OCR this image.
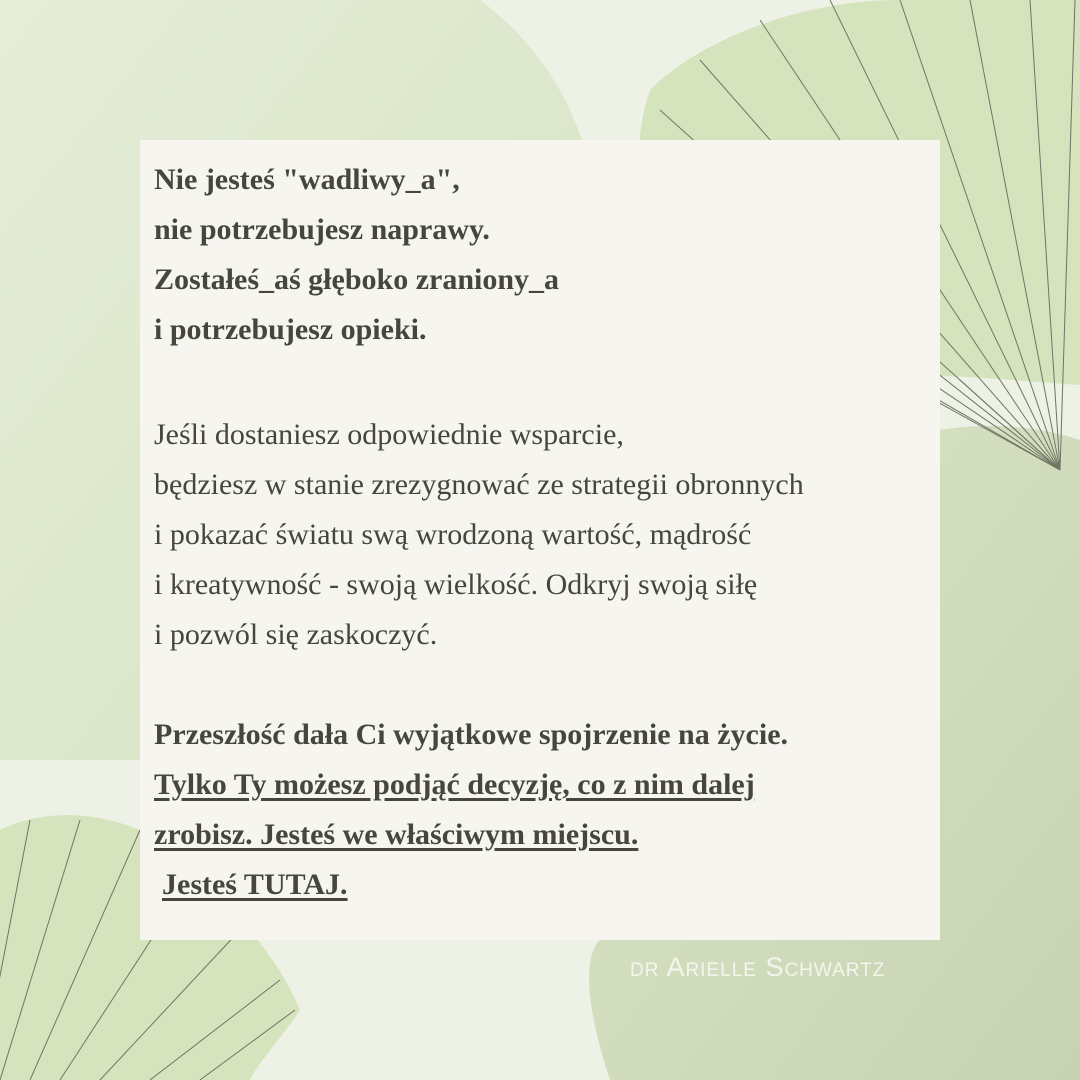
Nie jesteś "wadliwy_a",
nie potrzebujesz naprawy.
Zostałeś_aś głęboko zraniony_a
i potrzebujesz opieki.
Jeśli dostaniesz odpowiednie wsparcie,
będziesz w stanie zrezygnować ze strategii obronnych
i pokazać światu swą wrodzoną wartość, mądrość
i kreatywność - swoją wielkość. Odkryj swoją siłę
i pozwól się zaskoczyć.
Przeszłość dała Ci wyjątkowe spojrzenie na życie.
Tylko Ty możesz podjąć decyzję, co z nim dalej
zrobisz. Jesteś we właściwym miejscu.
Jesteś TUTAJ.
dr Arielle Schwartz
